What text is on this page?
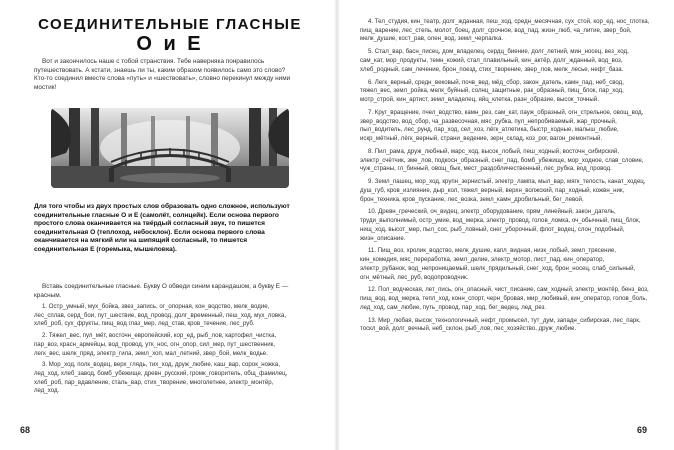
СОЕДИНИТЕЛЬНЫЕ ГЛАСНЫЕ
О и Е

Вот и закончилось наше с тобой странствия. Тебе наверняка понравилось путешествовать. А кстати, знаешь ли ты, каким образом появилось само это слово? Кто-то соединил вместе слова «путь» и «шествовать», словно перекинул между ними мостик!

Для того чтобы из двух простых слов образовать одно сложное, используют соединительные гласные О и Е (самолёт, солнцейк). Если основа первого простого слова оканчивается на твёрдый согласный звук, то пишется соединительная О (теплоход, небосклон). Если основа первого слова оканчивается на мягкий или на шипящий согласный, то пишется соединительная Е (горемыка, мышеловка).

Вставь соединительные гласные. Букву О обведи синим карандашом, а букву Е — красным.

1. Остр_умный, мух_бойка, звез_запись, ог_опорная, кон_водство, мелк_водие, лес_сплав, серд_бои, пут_шествие, вод_провод, долг_временный, пеш_ход, мух_ловка, хлеб_роб, сух_фрукты, пищ_вод глаз_мер, лед_став, кров_течение, лес_руб.

2. Тяжел_вес, пул_мёт, восточн_европейский, кор_ед, рыб_лов, картофел_чистка, пар_воз, красн_армейцы, вод_провод, утк_нос, огн_опор, сил_мер, пут_шественник, легк_вес, шелк_пряд, электр_гила, земл_хоп, мал_летний, звер_бой, мелк_водье.

3. Мор_ход, полк_водец, верх_глядь, тих_ход, друж_любие, каш_вар, сорок_ножка, лед_ход, хлеб_завод, бомб_убежище, древн_русский, громк_говоритель, общ_фамилец, хлеб_роб, пар_вдавление, сталь_вар, стих_творение, многолетнее, электр_монтёр, лед_ход.

68

4. Тел_студия, кин_театр, долг_жданная, пеш_ход, средн_месячная, сух_стой, кор_ед, нос_глотка, пищ_варение, лес_степь, молот_боец, долг_срочное, вод_пад, жизн_люб, ча_литие, звер_бой, мелк_душие, кост_рав, олен_вод, земл_черпалка.

5. Стал_вар, басн_писец, дом_владелец, сердц_биение, долг_летний, мин_носец, вез_ход, сам_кат, мор_продукты, темн_кожий, стал_плавильный, кин_актёр, долг_жданный, вод_воз, хлеб_родный, сам_лечение, брон_поезд, стих_творение, звер_лов, мелк_лесье, нефт_база.

6. Легк_верный, средн_вековый, почв_вед, мёд_сбор, закон_датель, камн_пад, неб_свод, тяжел_вес, земл_ройка, мелк_буйный, солнц_защитные, рак_образный, пищ_блок, пар_ход, мотр_строй, кин_артист, земл_владелец, яйц_клетка, разн_образие, высок_точный.

7. Круг_вращение, пчел_водство, камн_рез, сам_кат, пауж_образный, огн_стрельное, овощ_вод, звер_водство, вод_сбор, ча_развесочная, мяс_рубка, пул_непробиваемый, жар_прочный, пыл_водитель, лес_рунд, пар_ход, сел_хоз, лёгк_атлетика, быстр_ходные, малыш_любие, искр_мётный, лёгк_верный, страни_ведение, зерн_склад, коз_рог, вагон_ремонтный.

8. Пил_рама, друж_любный, марс_ход, высок_лобый, пеш_ходный, восточн_сибирский, электр_счётчик, зме_лов, подкосн_образный, снег_пад, бомб_убежище, мор_ходное, слав_словие, чуж_страны, гл_бинный, овощ_бык, мест_раздобличественный, лес_рубка, вод_провод.

9. Земл_пашец, мор_ход, крупн_зернистый, электр_лампа, мыл_вар, мягк_телость, канат_ходец, душ_губ, кров_излияние, дыр_кол, тяжел_верный, верхн_волжский, пар_ходный, кожвн_ник, брон_техника, кров_пускание, лес_возка, земл_камн_дробильный, бег_левой.

10. Древн_греческий, оч_видец, электр_оборудование, прям_линейный, закон_датель, труди_выполнимый, остр_умие, вод_мерка, электр_провод, голов_ломка, оч_обычный, пищ_блок, нищ_ход, высот_мер, пыл_сос, рыб_ловный, снег_уборочный, флот_водец, слон_подобный, жизн_описание.

11. Пищ_воз, хролик_водство, мелк_душие, капл_видная, низк_лобый, земл_трясение, кин_комедия, мяс_переработка, земл_делие, электр_мотор, лист_пад, кин_оператор, электр_рубанок, вод_непроницаемый, шелк_прядильный, снег_ход, брон_носец, слаб_сильный, огн_мётный, лес_руб, водопроводчик.

12. Пол_водческая, лет_пись, огн_опасный, чист_писание, сам_ходный, электр_монтёр, бенз_воз, пищ_вод, вод_мерка, тепл_ход, конн_спорт, черн_бровая, мир_любивый, кин_оператор, голов_боль, лед_ход, сам_любие, путь_провод, пар_ход, бег_ведец, лед_рез.

13. Мир_любая, высок_технологичный, нефт_промысел, тут_дум, западн_сибирская, лес_парк, тоскл_вой, долг_вечный, неб_склон, рыб_лов, лес_хозяйство, друж_любие.

69
